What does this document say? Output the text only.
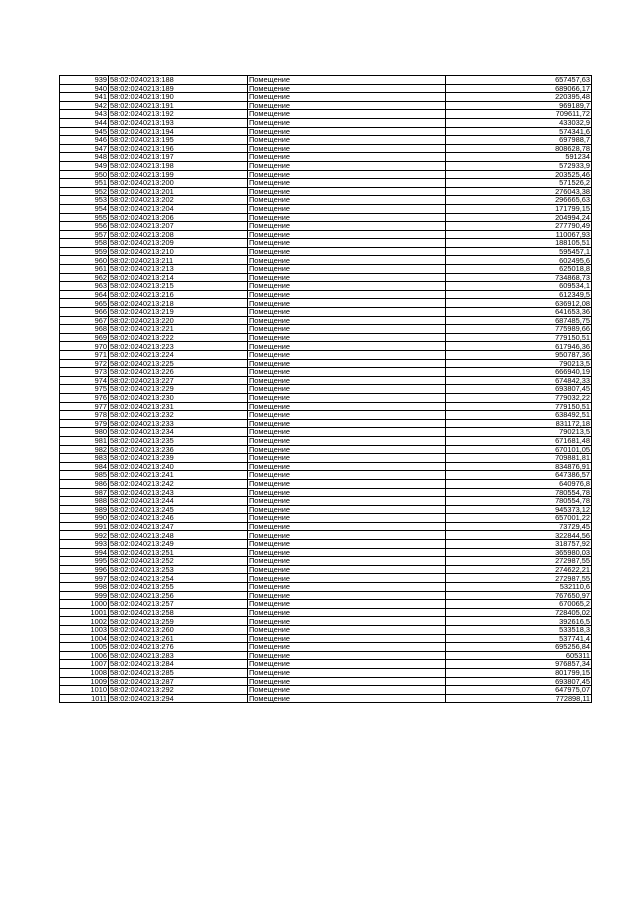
939	58:02:0240213:188	Помещение	657457,63
940	58:02:0240213:189	Помещение	689066,17
941	58:02:0240213:190	Помещение	220395,48
942	58:02:0240213:191	Помещение	969189,7
943	58:02:0240213:192	Помещение	709611,72
944	58:02:0240213:193	Помещение	433032,9
945	58:02:0240213:194	Помещение	574341,6
946	58:02:0240213:195	Помещение	697988,7
947	58:02:0240213:196	Помещение	808628,78
948	58:02:0240213:197	Помещение	591234
949	58:02:0240213:198	Помещение	572933,9
950	58:02:0240213:199	Помещение	203525,46
951	58:02:0240213:200	Помещение	571526,2
952	58:02:0240213:201	Помещение	276043,38
953	58:02:0240213:202	Помещение	296665,63
954	58:02:0240213:204	Помещение	171799,15
955	58:02:0240213:206	Помещение	204994,24
956	58:02:0240213:207	Помещение	277790,49
957	58:02:0240213:208	Помещение	110067,93
958	58:02:0240213:209	Помещение	188105,51
959	58:02:0240213:210	Помещение	595457,1
960	58:02:0240213:211	Помещение	602495,6
961	58:02:0240213:213	Помещение	625018,8
962	58:02:0240213:214	Помещение	734868,73
963	58:02:0240213:215	Помещение	609534,1
964	58:02:0240213:216	Помещение	612349,5
965	58:02:0240213:218	Помещение	636912,08
966	58:02:0240213:219	Помещение	641653,36
967	58:02:0240213:220	Помещение	687485,75
968	58:02:0240213:221	Помещение	775989,66
969	58:02:0240213:222	Помещение	779150,51
970	58:02:0240213:223	Помещение	617946,36
971	58:02:0240213:224	Помещение	950787,36
972	58:02:0240213:225	Помещение	790213,5
973	58:02:0240213:226	Помещение	666940,19
974	58:02:0240213:227	Помещение	674842,33
975	58:02:0240213:229	Помещение	693807,45
976	58:02:0240213:230	Помещение	779032,22
977	58:02:0240213:231	Помещение	779150,51
978	58:02:0240213:232	Помещение	638492,51
979	58:02:0240213:233	Помещение	831172,18
980	58:02:0240213:234	Помещение	790213,5
981	58:02:0240213:235	Помещение	671681,48
982	58:02:0240213:236	Помещение	670101,05
983	58:02:0240213:239	Помещение	709881,81
984	58:02:0240213:240	Помещение	834876,91
985	58:02:0240213:241	Помещение	647386,57
986	58:02:0240213:242	Помещение	640976,8
987	58:02:0240213:243	Помещение	780554,78
988	58:02:0240213:244	Помещение	780554,78
989	58:02:0240213:245	Помещение	945373,12
990	58:02:0240213:246	Помещение	657001,22
991	58:02:0240213:247	Помещение	73729,45
992	58:02:0240213:248	Помещение	322844,56
993	58:02:0240213:249	Помещение	318757,92
994	58:02:0240213:251	Помещение	365980,03
995	58:02:0240213:252	Помещение	272987,55
996	58:02:0240213:253	Помещение	274622,21
997	58:02:0240213:254	Помещение	272987,55
998	58:02:0240213:255	Помещение	532110,6
999	58:02:0240213:256	Помещение	767650,97
1000	58:02:0240213:257	Помещение	670065,2
1001	58:02:0240213:258	Помещение	728405,02
1002	58:02:0240213:259	Помещение	392616,5
1003	58:02:0240213:260	Помещение	533518,3
1004	58:02:0240213:261	Помещение	537741,4
1005	58:02:0240213:276	Помещение	695256,84
1006	58:02:0240213:283	Помещение	605311
1007	58:02:0240213:284	Помещение	976857,34
1008	58:02:0240213:285	Помещение	801799,15
1009	58:02:0240213:287	Помещение	693807,45
1010	58:02:0240213:292	Помещение	647975,07
1011	58:02:0240213:294	Помещение	772898,11
